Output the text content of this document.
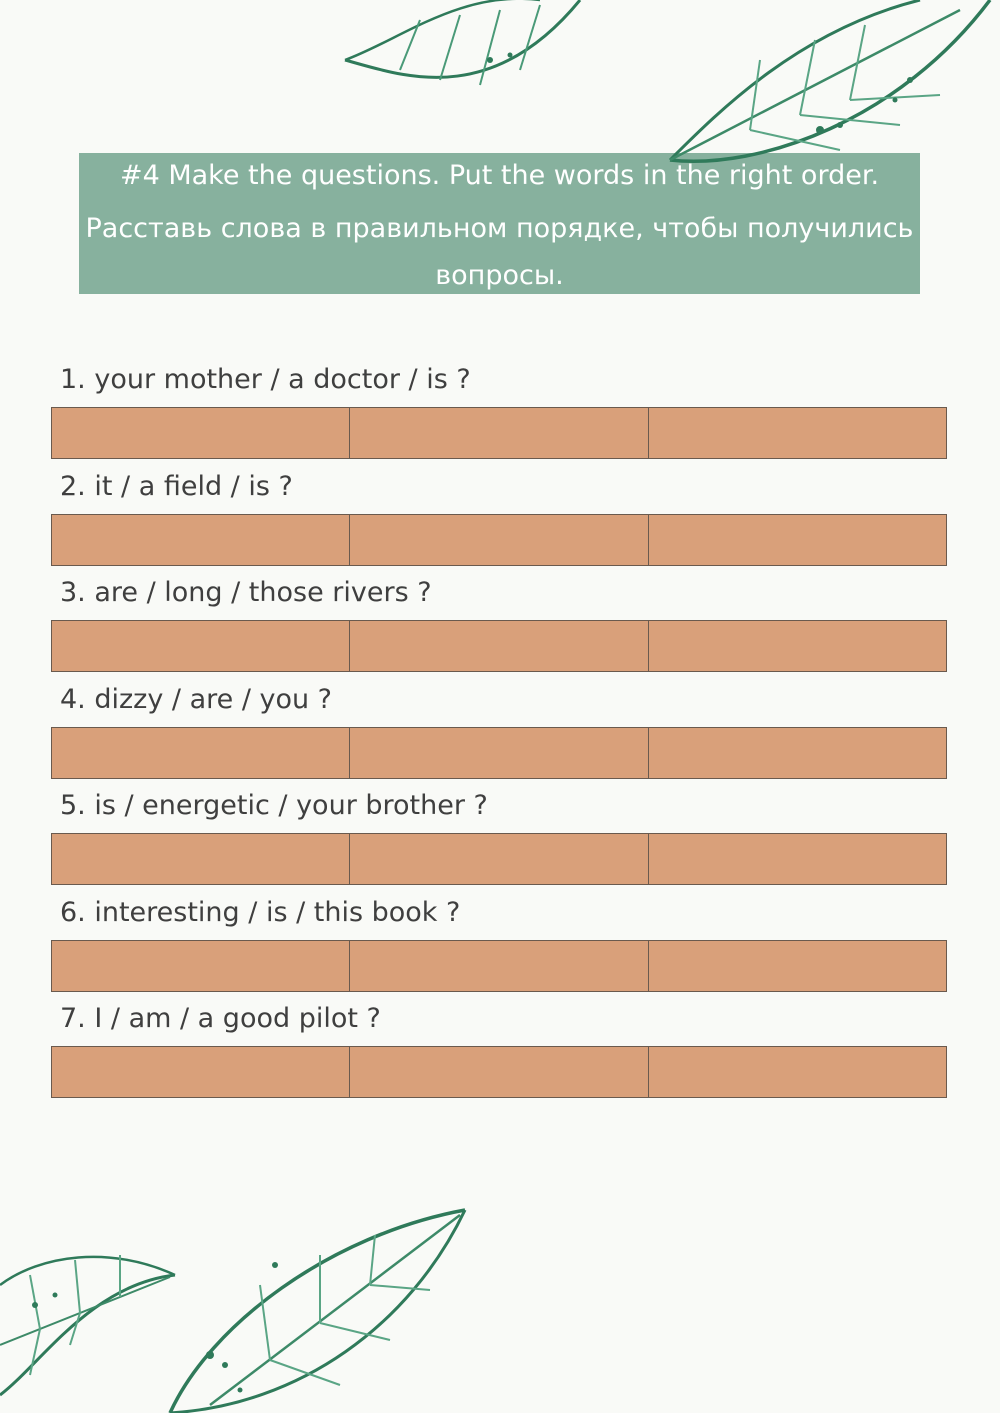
#4 Make the questions. Put the words in the right order.
Расставь слова в правильном порядке, чтобы получились
вопросы.
1. your mother / a doctor / is ?
2. it / a field / is ?
3. are / long / those rivers ?
4. dizzy / are / you ?
5. is / energetic / your brother ?
6. interesting / is / this book ?
7. I / am / a good pilot ?
